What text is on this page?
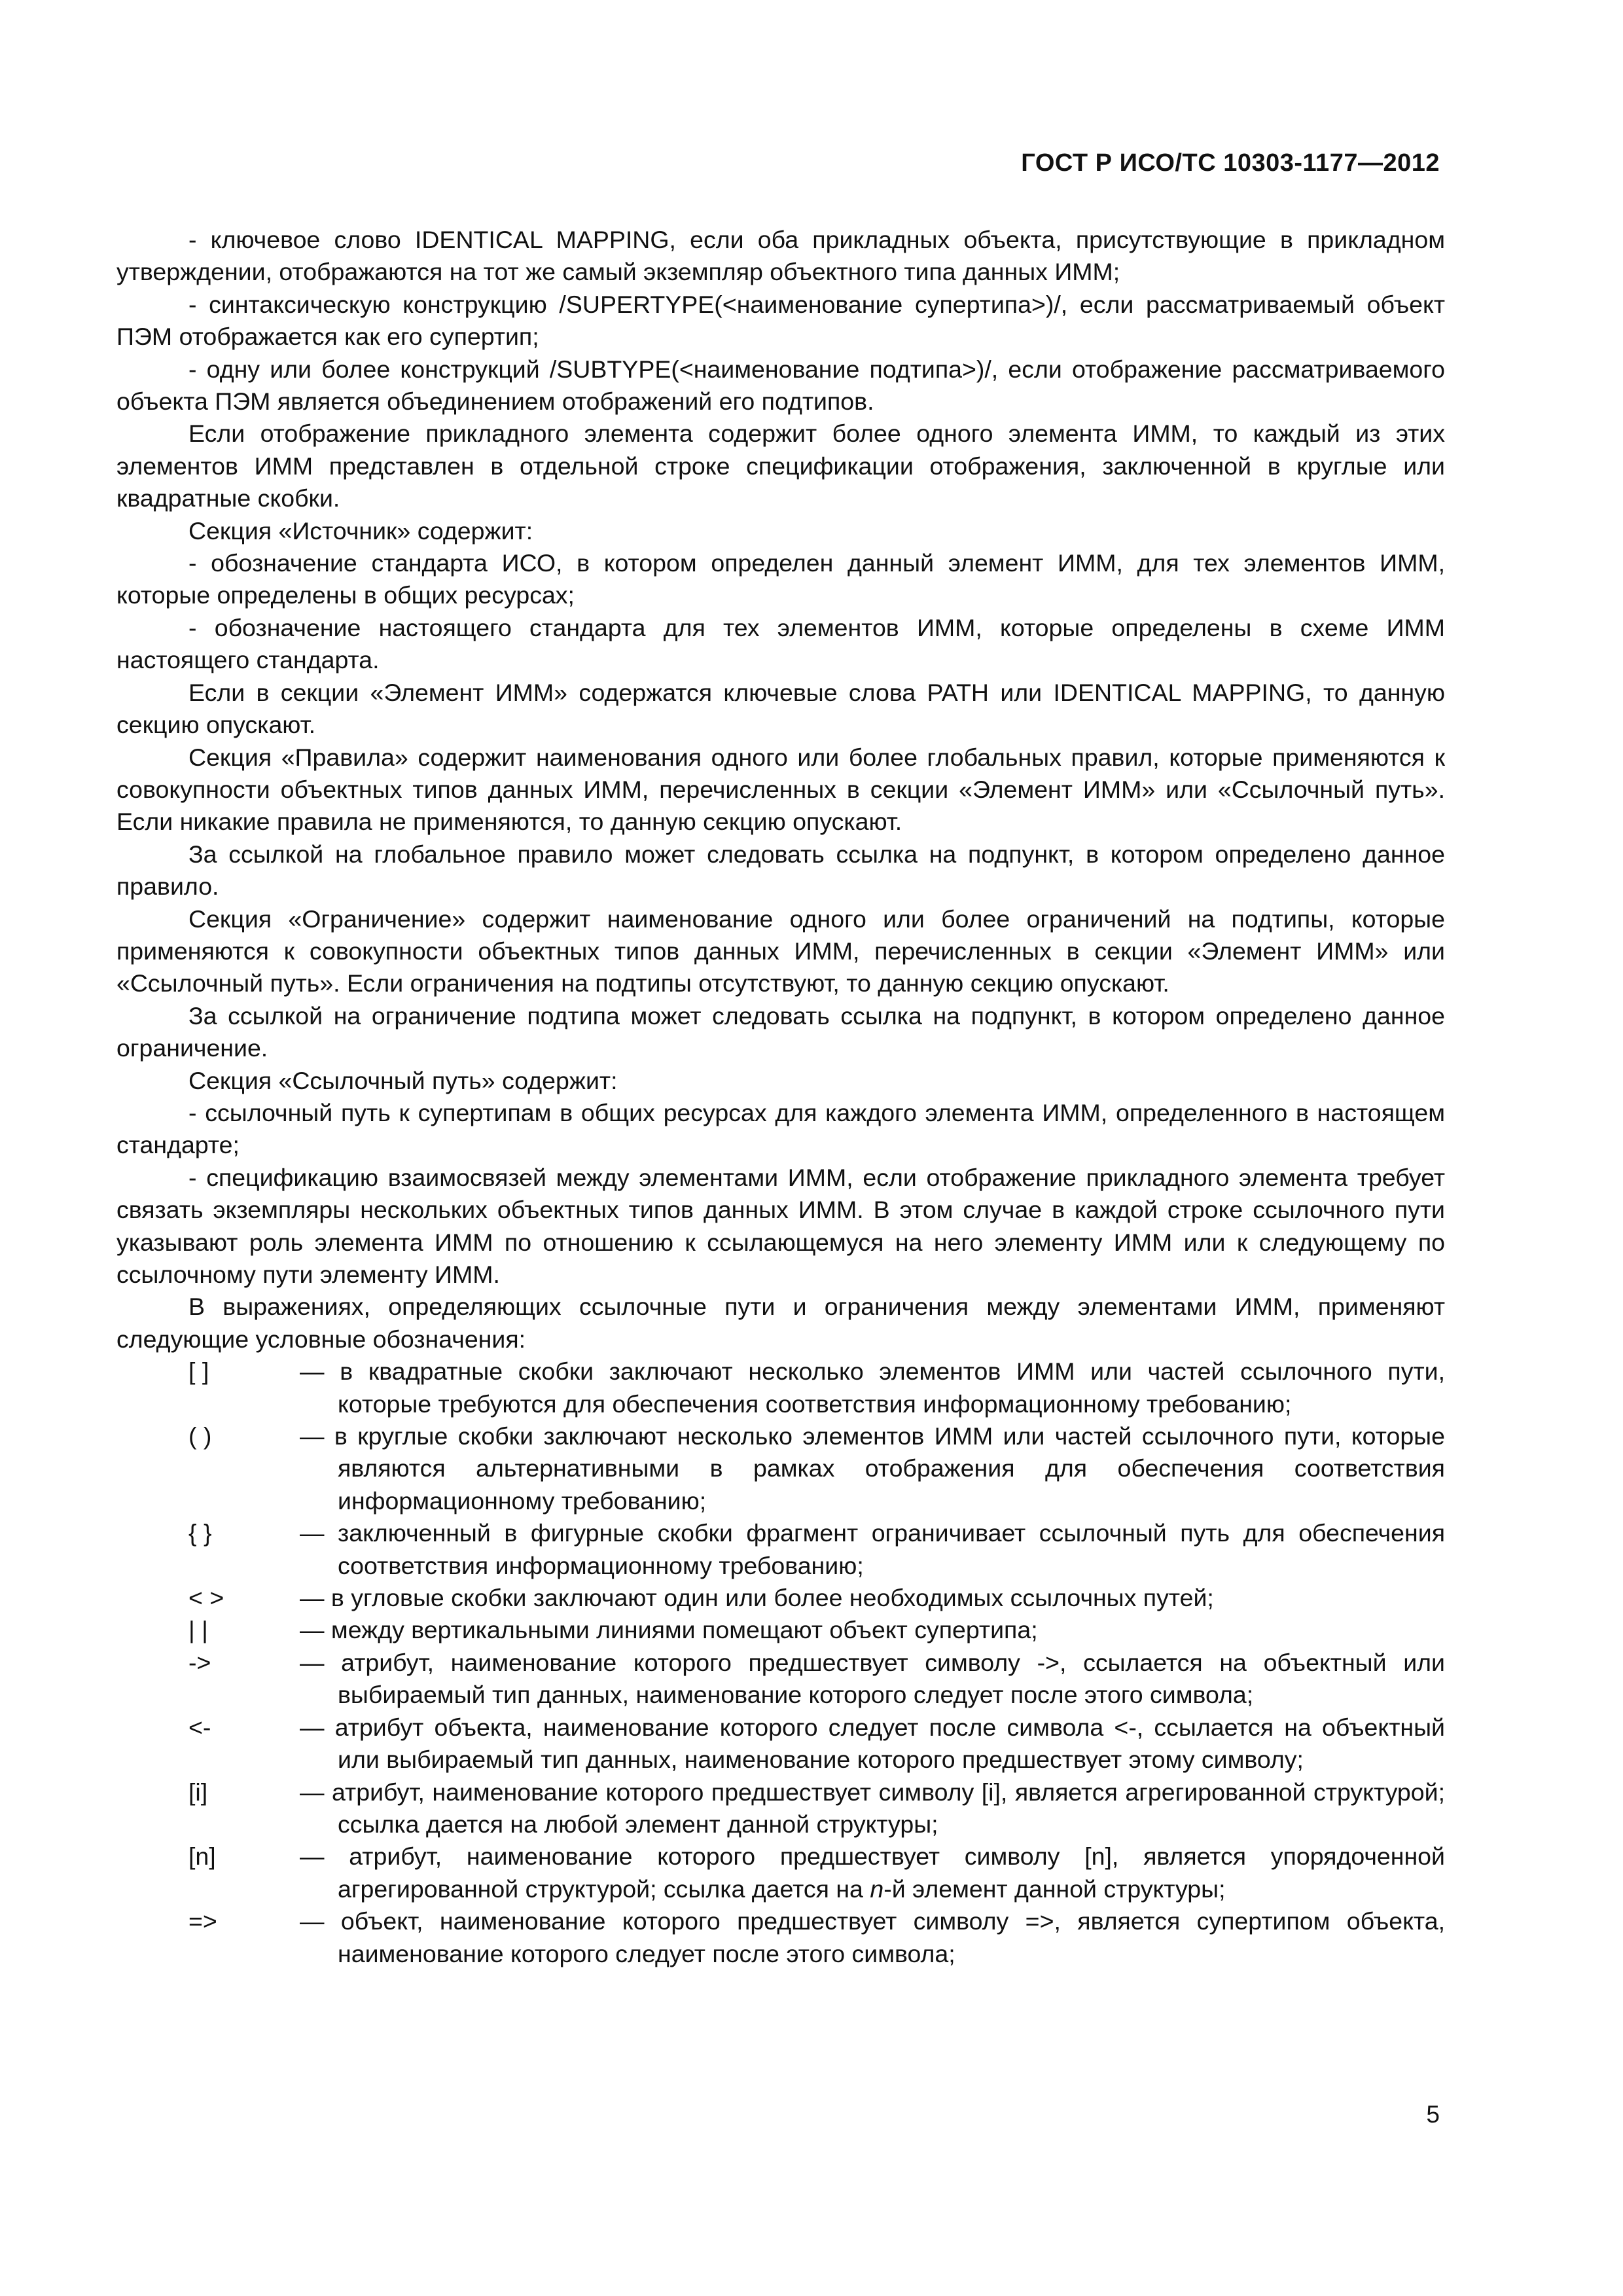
ГОСТ Р ИСО/ТС 10303-1177—2012

- ключевое слово IDENTICAL MAPPING, если оба прикладных объекта, присутствующие в прикладном утверждении, отображаются на тот же самый экземпляр объектного типа данных ИММ;

- синтаксическую конструкцию /SUPERTYPE(<наименование супертипа>)/, если рассматриваемый объект ПЭМ отображается как его супертип;

- одну или более конструкций /SUBTYPE(<наименование подтипа>)/, если отображение рассматриваемого объекта ПЭМ является объединением отображений его подтипов.

Если отображение прикладного элемента содержит более одного элемента ИММ, то каждый из этих элементов ИММ представлен в отдельной строке спецификации отображения, заключенной в круглые или квадратные скобки.

Секция «Источник» содержит:

- обозначение стандарта ИСО, в котором определен данный элемент ИММ, для тех элементов ИММ, которые определены в общих ресурсах;

- обозначение настоящего стандарта для тех элементов ИММ, которые определены в схеме ИММ настоящего стандарта.

Если в секции «Элемент ИММ» содержатся ключевые слова PATH или IDENTICAL MAPPING, то данную секцию опускают.

Секция «Правила» содержит наименования одного или более глобальных правил, которые применяются к совокупности объектных типов данных ИММ, перечисленных в секции «Элемент ИММ» или «Ссылочный путь». Если никакие правила не применяются, то данную секцию опускают.

За ссылкой на глобальное правило может следовать ссылка на подпункт, в котором определено данное правило.

Секция «Ограничение» содержит наименование одного или более ограничений на подтипы, которые применяются к совокупности объектных типов данных ИММ, перечисленных в секции «Элемент ИММ» или «Ссылочный путь». Если ограничения на подтипы отсутствуют, то данную секцию опускают.

За ссылкой на ограничение подтипа может следовать ссылка на подпункт, в котором определено данное ограничение.

Секция «Ссылочный путь» содержит:

- ссылочный путь к супертипам в общих ресурсах для каждого элемента ИММ, определенного в настоящем стандарте;

- спецификацию взаимосвязей между элементами ИММ, если отображение прикладного элемента требует связать экземпляры нескольких объектных типов данных ИММ. В этом случае в каждой строке ссылочного пути указывают роль элемента ИММ по отношению к ссылающемуся на него элементу ИММ или к следующему по ссылочному пути элементу ИММ.

В выражениях, определяющих ссылочные пути и ограничения между элементами ИММ, применяют следующие условные обозначения:

[ ]	— в квадратные скобки заключают несколько элементов ИММ или частей ссылочного пути, которые требуются для обеспечения соответствия информационному требованию;
( )	— в круглые скобки заключают несколько элементов ИММ или частей ссылочного пути, которые являются альтернативными в рамках отображения для обеспечения соответствия информационному требованию;
{ }	— заключенный в фигурные скобки фрагмент ограничивает ссылочный путь для обеспечения соответствия информационному требованию;
< >	— в угловые скобки заключают один или более необходимых ссылочных путей;
| |	— между вертикальными линиями помещают объект супертипа;
->	— атрибут, наименование которого предшествует символу ->, ссылается на объектный или выбираемый тип данных, наименование которого следует после этого символа;
<-	— атрибут объекта, наименование которого следует после символа <-, ссылается на объектный или выбираемый тип данных, наименование которого предшествует этому символу;
[i]	— атрибут, наименование которого предшествует символу [i], является агрегированной структурой; ссылка дается на любой элемент данной структуры;
[n]	— атрибут, наименование которого предшествует символу [n], является упорядоченной агрегированной структурой; ссылка дается на n-й элемент данной структуры;
=>	— объект, наименование которого предшествует символу =>, является супертипом объекта, наименование которого следует после этого символа;
5
